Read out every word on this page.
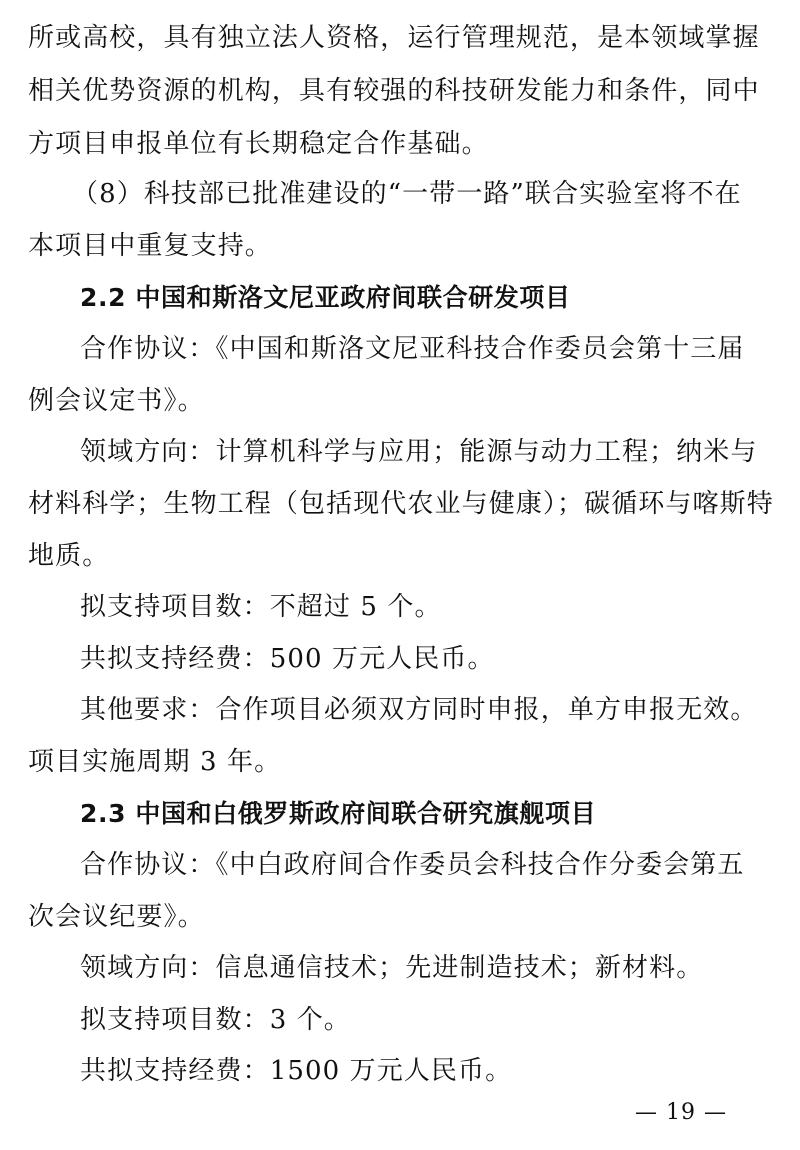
所或高校，具有独立法人资格，运行管理规范，是本领域掌握
相关优势资源的机构，具有较强的科技研发能力和条件，同中
方项目申报单位有长期稳定合作基础。
（8）科技部已批准建设的“一带一路”联合实验室将不在
本项目中重复支持。
2.2 中国和斯洛文尼亚政府间联合研发项目
合作协议：《中国和斯洛文尼亚科技合作委员会第十三届
例会议定书》。
领域方向：计算机科学与应用；能源与动力工程；纳米与
材料科学；生物工程（包括现代农业与健康）；碳循环与喀斯特
地质。
拟支持项目数：不超过 5 个。
共拟支持经费：500 万元人民币。
其他要求：合作项目必须双方同时申报，单方申报无效。
项目实施周期 3 年。
2.3 中国和白俄罗斯政府间联合研究旗舰项目
合作协议：《中白政府间合作委员会科技合作分委会第五
次会议纪要》。
领域方向：信息通信技术；先进制造技术；新材料。
拟支持项目数：3 个。
共拟支持经费：1500 万元人民币。
— 19 —
